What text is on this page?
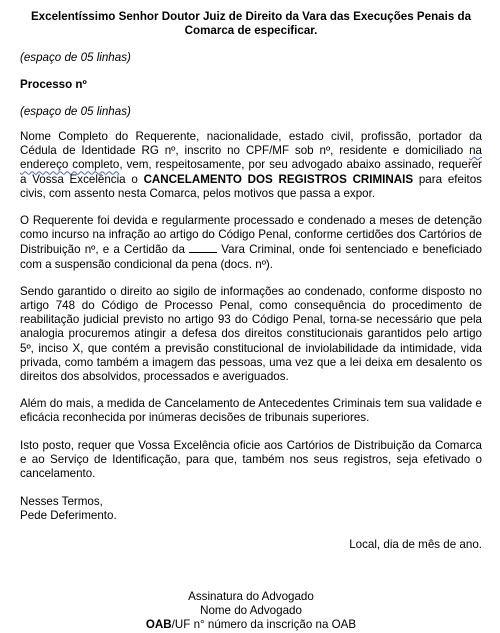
Excelentíssimo Senhor Doutor Juiz de Direito da Vara das Execuções Penais da Comarca de especificar.
(espaço de 05 linhas)
Processo nº
(espaço de 05 linhas)

Nome Completo do Requerente, nacionalidade, estado civil, profissão, portador da Cédula de Identidade RG nº, inscrito no CPF/MF sob nº, residente e domiciliado na endereço completo, vem, respeitosamente, por seu advogado abaixo assinado, requerer a Vossa Excelência o CANCELAMENTO DOS REGISTROS CRIMINAIS para efeitos civis, com assento nesta Comarca, pelos motivos que passa a expor.

O Requerente foi devida e regularmente processado e condenado a meses de detenção como incurso na infração ao artigo do Código Penal, conforme certidões dos Cartórios de Distribuição nº, e a Certidão da  Vara Criminal, onde foi sentenciado e beneficiado com a suspensão condicional da pena (docs. nº).

Sendo garantido o direito ao sigilo de informações ao condenado, conforme disposto no artigo 748 do Código de Processo Penal, como consequência do procedimento de reabilitação judicial previsto no artigo 93 do Código Penal, torna-se necessário que pela analogia procuremos atingir a defesa dos direitos constitucionais garantidos pelo artigo 5º, inciso X, que contém a previsão constitucional de inviolabilidade da intimidade, vida privada, como também a imagem das pessoas, uma vez que a lei deixa em desalento os direitos dos absolvidos, processados e averiguados.

Além do mais, a medida de Cancelamento de Antecedentes Criminais tem sua validade e eficácia reconhecida por inúmeras decisões de tribunais superiores.

Isto posto, requer que Vossa Excelência oficie aos Cartórios de Distribuição da Comarca e ao Serviço de Identificação, para que, também nos seus registros, seja efetivado o cancelamento.

Nesses Termos,
Pede Deferimento.
Local, dia de mês de ano.
Assinatura do Advogado
Nome do Advogado
OAB/UF n° número da inscrição na OAB
